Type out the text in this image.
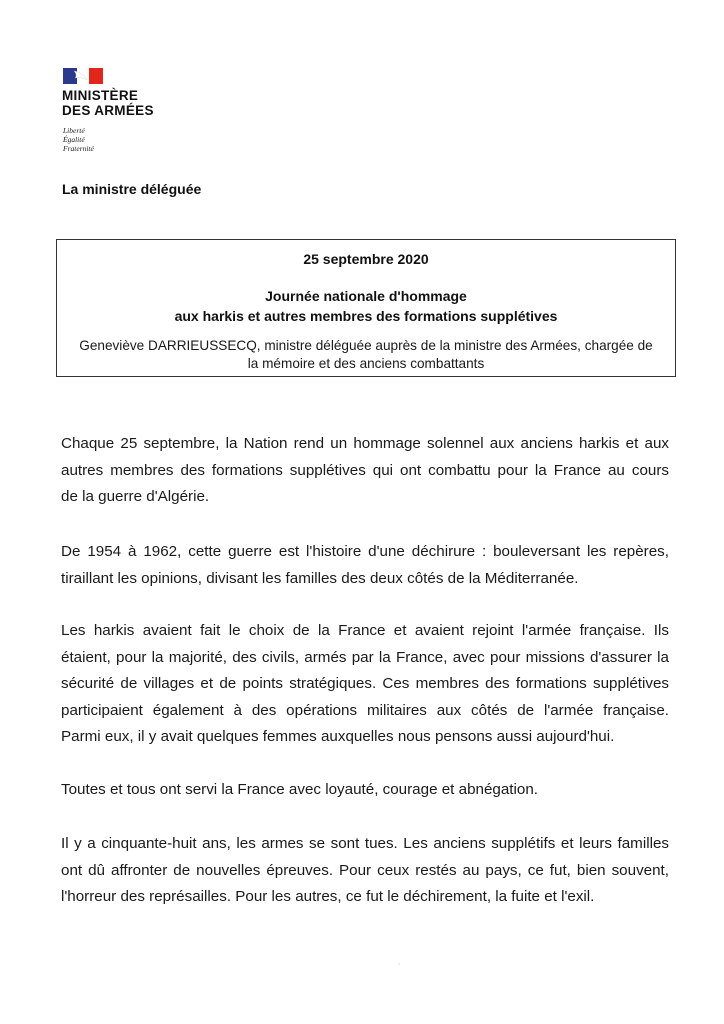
MINISTÈRE
DES ARMÉES
Liberté
Égalité
Fraternité
La ministre déléguée
25 septembre 2020
Journée nationale d'hommage
aux harkis et autres membres des formations supplétives
Geneviève DARRIEUSSECQ, ministre déléguée auprès de la ministre des Armées, chargée de
la mémoire et des anciens combattants
Chaque 25 septembre, la Nation rend un hommage solennel aux anciens harkis et aux
autres membres des formations supplétives qui ont combattu pour la France au cours
de la guerre d'Algérie.
De 1954 à 1962, cette guerre est l'histoire d'une déchirure : bouleversant les repères,
tiraillant les opinions, divisant les familles des deux côtés de la Méditerranée.
Les harkis avaient fait le choix de la France et avaient rejoint l'armée française. Ils
étaient, pour la majorité, des civils, armés par la France, avec pour missions d'assurer la
sécurité de villages et de points stratégiques. Ces membres des formations supplétives
participaient également à des opérations militaires aux côtés de l'armée française.
Parmi eux, il y avait quelques femmes auxquelles nous pensons aussi aujourd'hui.
Toutes et tous ont servi la France avec loyauté, courage et abnégation.
Il y a cinquante-huit ans, les armes se sont tues. Les anciens supplétifs et leurs familles
ont dû affronter de nouvelles épreuves. Pour ceux restés au pays, ce fut, bien souvent,
l'horreur des représailles. Pour les autres, ce fut le déchirement, la fuite et l'exil.
